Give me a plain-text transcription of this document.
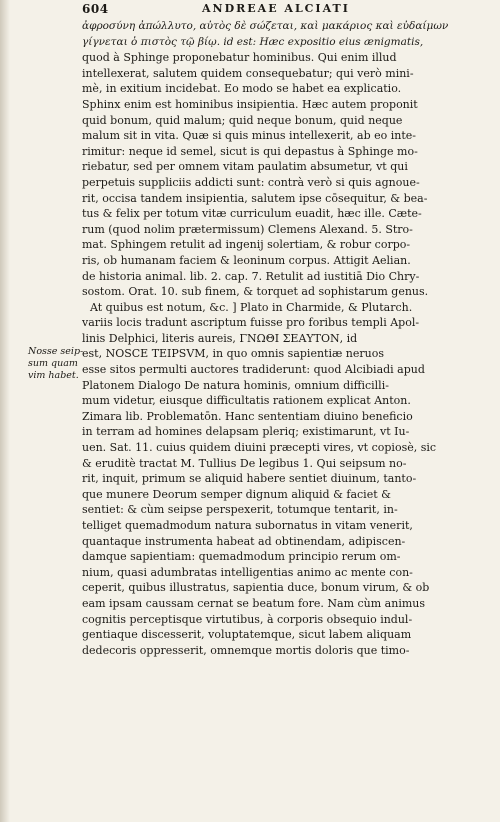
604	ANDREAE ALCIATI
Nosse seip-
sum quam
vim habet.
ἀφροσύνη ἀπώλλυτο, αὐτὸς δὲ σώζεται, καὶ μακάριος καὶ εὐδαίμων
γίγνεται ὁ πιστὸς τῷ βίῳ. id est: Hæc expositio eius ænigmatis,
quod à Sphinge proponebatur hominibus. Qui enim illud
intellexerat, salutem quidem consequebatur; qui verò mini-
mè, in exitium incidebat. Eo modo se habet ea explicatio.
Sphinx enim est hominibus insipientia. Hæc autem proponit
quid bonum, quid malum; quid neque bonum, quid neque
malum sit in vita. Quæ si quis minus intellexerit, ab eo inte-
rimitur: neque id semel, sicut is qui depastus à Sphinge mo-
riebatur, sed per omnem vitam paulatim absumetur, vt qui
perpetuis suppliciis addicti sunt: contrà verò si quis agnoue-
rit, occisa tandem insipientia, salutem ipse cōsequitur, & bea-
tus & felix per totum vitæ curriculum euadit, hæc ille. Cæte-
rum (quod nolim prætermissum) Clemens Alexand. 5. Stro-
mat. Sphingem retulit ad ingenij solertiam, & robur corpo-
ris, ob humanam faciem & leoninum corpus. Attigit Aelian.
de historia animal. lib. 2. cap. 7. Retulit ad iustitiā Dio Chry-
sostom. Orat. 10. sub finem, & torquet ad sophistarum genus.
At quibus est notum, &c. ] Plato in Charmide, & Plutarch.
variis locis tradunt ascriptum fuisse pro foribus templi Apol-
linis Delphici, literis aureis, ΓΝΩΘΙ ΣΕΑΥΤΟΝ, id
est, NOSCE TEIPSVM, in quo omnis sapientiæ neruos
esse sitos permulti auctores tradiderunt: quod Alcibiadi apud
Platonem Dialogo De natura hominis, omnium difficilli-
mum videtur, eiusque difficultatis rationem explicat Anton.
Zimara lib. Problematōn. Hanc sententiam diuino beneficio
in terram ad homines delapsam pleriq; existimarunt, vt Iu-
uen. Sat. 11. cuius quidem diuini præcepti vires, vt copiosè, sic
& eruditè tractat M. Tullius De legibus 1. Qui seipsum no-
rit, inquit, primum se aliquid habere sentiet diuinum, tanto-
que munere Deorum semper dignum aliquid & faciet &
sentiet: & cùm seipse perspexerit, totumque tentarit, in-
telliget quemadmodum natura subornatus in vitam venerit,
quantaque instrumenta habeat ad obtinendam, adipiscen-
damque sapientiam: quemadmodum principio rerum om-
nium, quasi adumbratas intelligentias animo ac mente con-
ceperit, quibus illustratus, sapientia duce, bonum virum, & ob
eam ipsam caussam cernat se beatum fore. Nam cùm animus
cognitis perceptisque virtutibus, à corporis obsequio indul-
gentiaque discesserit, voluptatemque, sicut labem aliquam
dedecoris oppresserit, omnemque mortis doloris que timo-
